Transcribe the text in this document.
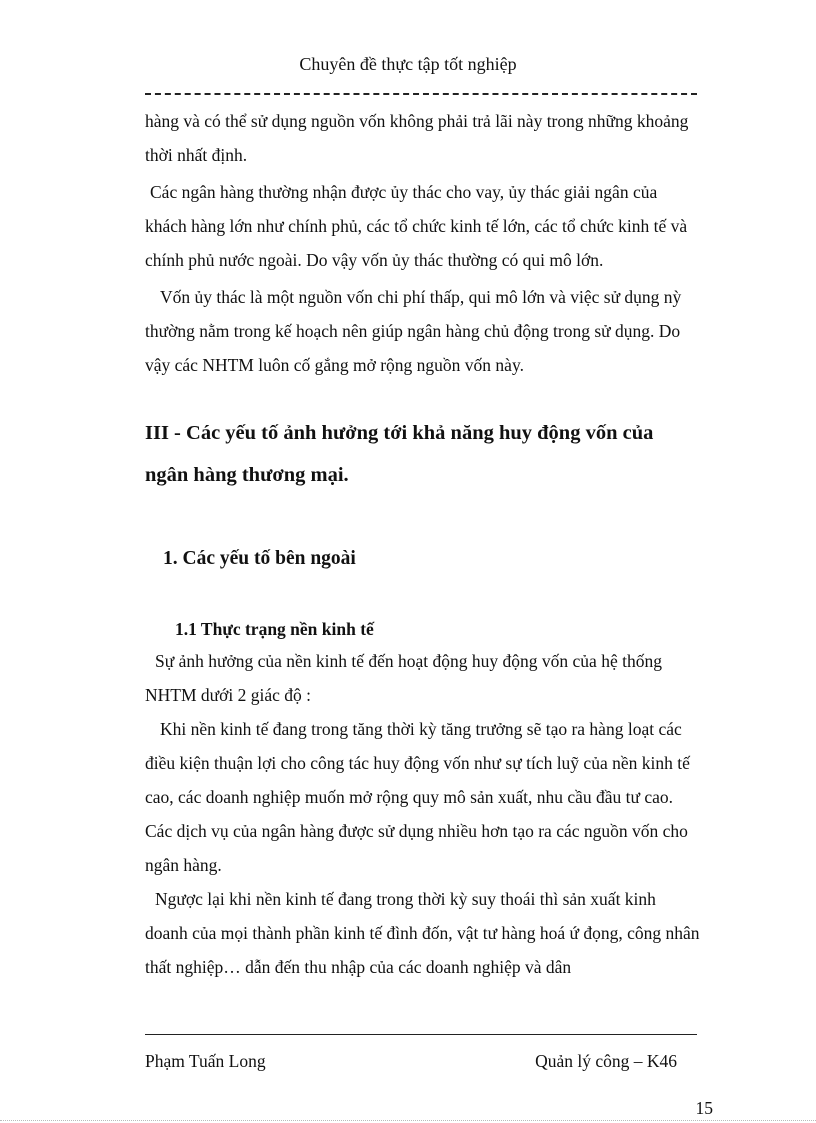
Chuyên đề thực tập tốt nghiệp

hàng và có thể sử dụng nguồn vốn không phải trả lãi này trong những khoảng thời nhất định.

Các ngân hàng thường nhận được ủy thác cho vay, ủy thác giải ngân của khách hàng lớn như chính phủ, các tổ chức kinh tế lớn, các tổ chức kinh tế và chính phủ nước ngoài. Do vậy vốn ủy thác thường có qui mô lớn.

Vốn ủy thác là một nguồn vốn chi phí thấp, qui mô lớn và việc sử dụng nỳ thường nằm trong kế hoạch nên giúp ngân hàng chủ động trong sử dụng. Do vậy các NHTM luôn cố gắng mở rộng nguồn vốn này.

III - Các yếu tố ảnh hưởng tới khả năng huy động vốn của ngân hàng thương mại.

1. Các yếu tố bên ngoài

1.1 Thực trạng nền kinh tế

Sự ảnh hưởng của nền kinh tế đến hoạt động huy động vốn của hệ thống NHTM dưới 2 giác độ :

Khi nền kinh tế đang trong tăng thời kỳ tăng trưởng sẽ tạo ra hàng loạt các điều kiện thuận lợi cho công tác huy động vốn như sự tích luỹ của nền kinh tế cao, các doanh nghiệp muốn mở rộng quy mô sản xuất, nhu cầu đầu tư cao. Các dịch vụ của ngân hàng được sử dụng nhiều hơn tạo ra các nguồn vốn cho ngân hàng.

Ngược lại khi nền kinh tế đang trong thời kỳ suy thoái thì sản xuất kinh doanh của mọi thành phần kinh tế đình đốn, vật tư hàng hoá ứ đọng, công nhân thất nghiệp… dẫn đến thu nhập của các doanh nghiệp và dân

Phạm Tuấn Long	Quản lý công – K46
15
